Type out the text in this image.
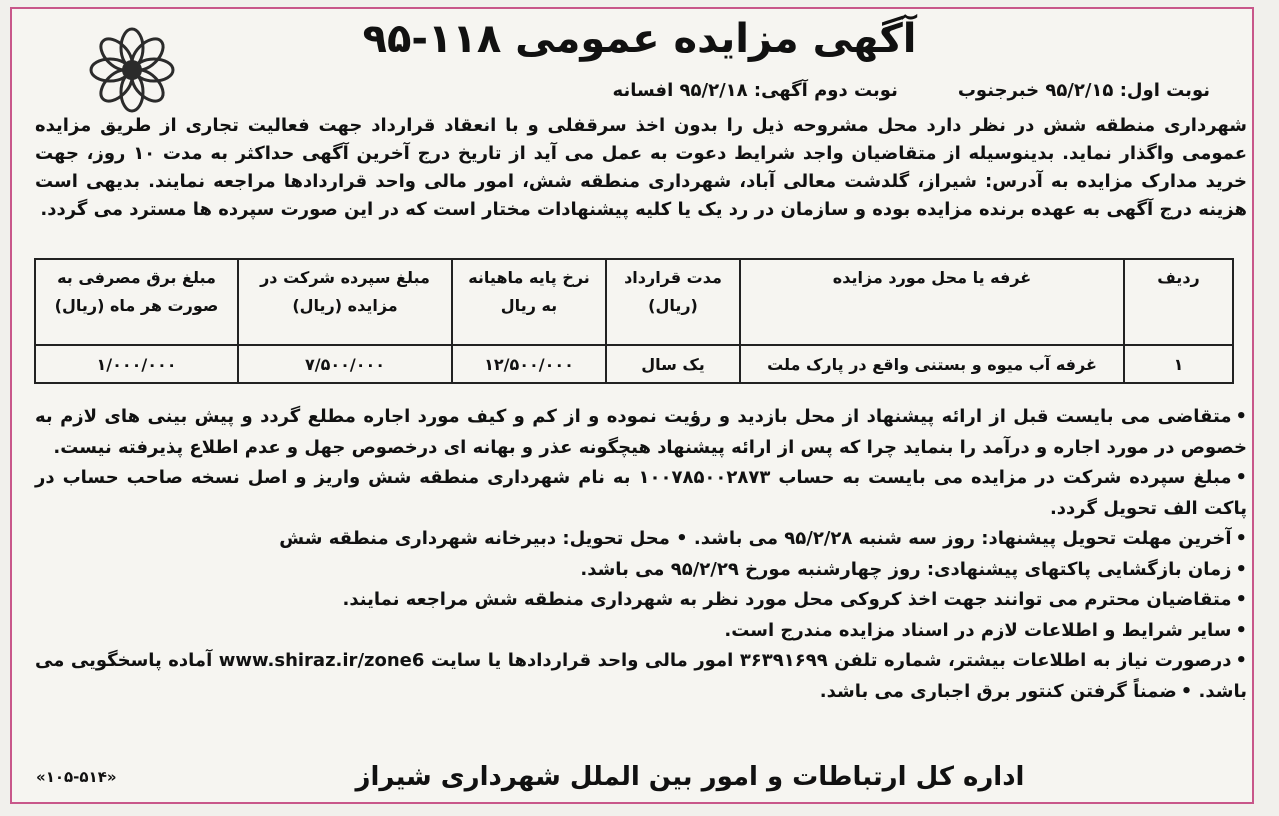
آگهی مزایده عمومی ۱۱۸-۹۵
نوبت اول: ۹۵/۲/۱۵ خبرجنوب
نوبت دوم آگهی: ۹۵/۲/۱۸ افسانه
شهرداری منطقه شش در نظر دارد محل مشروحه ذیل را بدون اخذ سرقفلی و با انعقاد قرارداد جهت فعالیت تجاری از طریق مزایده عمومی واگذار نماید. بدینوسیله از متقاضیان واجد شرایط دعوت به عمل می آید از تاریخ درج آخرین آگهی حداکثر به مدت ۱۰ روز، جهت خرید مدارک مزایده به آدرس: شیراز، گلدشت معالی آباد، شهرداری منطقه شش، امور مالی واحد قراردادها مراجعه نمایند. بدیهی است هزینه درج آگهی به عهده برنده مزایده بوده و سازمان در رد یک یا کلیه پیشنهادات مختار است که در این صورت سپرده ها مسترد می گردد.
ردیف	غرفه یا محل مورد مزایده	مدت قرارداد (ریال)	نرخ پایه ماهیانه به ریال	مبلغ سپرده شرکت در مزایده (ریال)	مبلغ برق مصرفی به صورت هر ماه (ریال)
۱	غرفه آب میوه و بستنی واقع در پارک ملت	یک سال	۱۲/۵۰۰/۰۰۰	۷/۵۰۰/۰۰۰	۱/۰۰۰/۰۰۰

•متقاضی می بایست قبل از ارائه پیشنهاد از محل بازدید و رؤیت نموده و از کم و کیف مورد اجاره مطلع گردد و پیش بینی های لازم به خصوص در مورد اجاره و درآمد را بنماید چرا که پس از ارائه پیشنهاد هیچگونه عذر و بهانه ای درخصوص جهل و عدم اطلاع پذیرفته نیست.

•مبلغ سپرده شرکت در مزایده می بایست به حساب ۱۰۰۷۸۵۰۰۲۸۷۳ به نام شهرداری منطقه شش واریز و اصل نسخه صاحب حساب در پاکت الف تحویل گردد.

•آخرین مهلت تحویل پیشنهاد: روز سه شنبه ۹۵/۲/۲۸ می باشد. • محل تحویل: دبیرخانه شهرداری منطقه شش

•زمان بازگشایی پاکتهای پیشنهادی: روز چهارشنبه مورخ ۹۵/۲/۲۹ می باشد.

•متقاضیان محترم می توانند جهت اخذ کروکی محل مورد نظر به شهرداری منطقه شش مراجعه نمایند.

•سایر شرایط و اطلاعات لازم در اسناد مزایده مندرج است.

•درصورت نیاز به اطلاعات بیشتر، شماره تلفن ۳۶۳۹۱۶۹۹ امور مالی واحد قراردادها یا سایت www.shiraz.ir/zone6 آماده پاسخگویی می باشد. •ضمناً گرفتن کنتور برق اجباری می باشد.

اداره کل ارتباطات و امور بین الملل شهرداری شیراز
«۱۰۵-۵۱۴»
